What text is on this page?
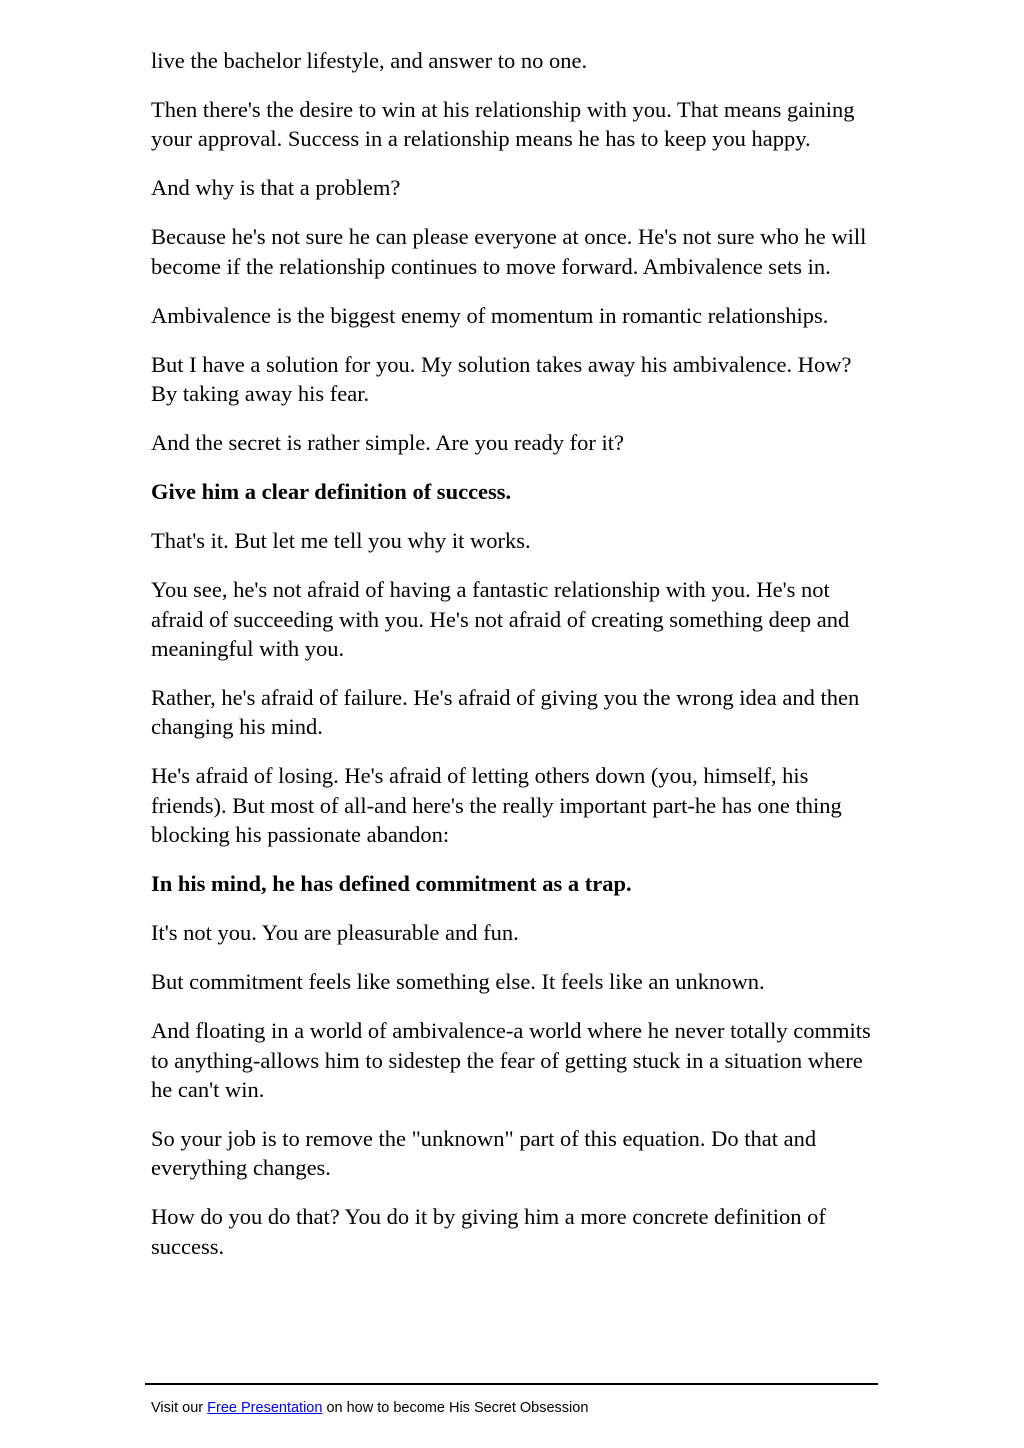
live the bachelor lifestyle, and answer to no one.

Then there's the desire to win at his relationship with you. That means gaining your approval. Success in a relationship means he has to keep you happy.

And why is that a problem?

Because he's not sure he can please everyone at once. He's not sure who he will become if the relationship continues to move forward. Ambivalence sets in.

Ambivalence is the biggest enemy of momentum in romantic relationships.

But I have a solution for you. My solution takes away his ambivalence. How? By taking away his fear.

And the secret is rather simple. Are you ready for it?

Give him a clear definition of success.

That's it. But let me tell you why it works.

You see, he's not afraid of having a fantastic relationship with you. He's not afraid of succeeding with you. He's not afraid of creating something deep and meaningful with you.

Rather, he's afraid of failure. He's afraid of giving you the wrong idea and then changing his mind.

He's afraid of losing. He's afraid of letting others down (you, himself, his friends). But most of all-and here's the really important part-he has one thing blocking his passionate abandon:

In his mind, he has defined commitment as a trap.

It's not you. You are pleasurable and fun.

But commitment feels like something else. It feels like an unknown.

And floating in a world of ambivalence-a world where he never totally commits to anything-allows him to sidestep the fear of getting stuck in a situation where he can't win.

So your job is to remove the "unknown" part of this equation. Do that and everything changes.

How do you do that? You do it by giving him a more concrete definition of success.

Visit our Free Presentation on how to become His Secret Obsession
